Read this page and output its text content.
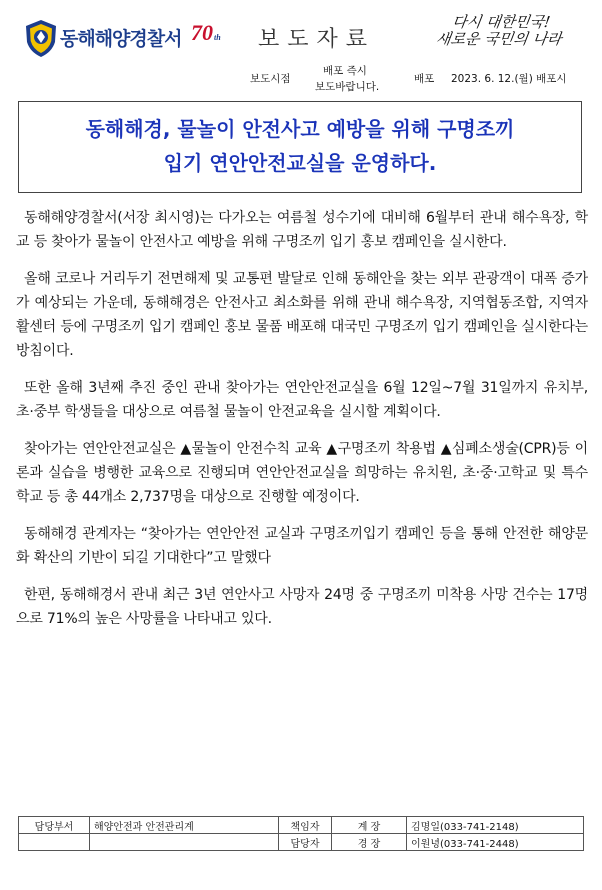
동해해양경찰서 70th 보도자료
다시 대한민국!
새로운 국민의 나라
보도시점
배포 즉시
보도바랍니다.
배포 2023. 6. 12.(월) 배포시
동해해경, 물놀이 안전사고 예방을 위해 구명조끼
입기 연안안전교실을 운영하다.

동해해양경찰서(서장 최시영)는 다가오는 여름철 성수기에 대비해 6월부터 관내 해수욕장, 학교 등 찾아가 물놀이 안전사고 예방을 위해 구명조끼 입기 홍보 캠페인을 실시한다.

올해 코로나 거리두기 전면해제 및 교통편 발달로 인해 동해안을 찾는 외부 관광객이 대폭 증가가 예상되는 가운데, 동해해경은 안전사고 최소화를 위해 관내 해수욕장, 지역협동조합, 지역자활센터 등에 구명조끼 입기 캠페인 홍보 물품 배포해 대국민 구명조끼 입기 캠페인을 실시한다는 방침이다.

또한 올해 3년째 추진 중인 관내 찾아가는 연안안전교실을 6월 12일~7월 31일까지 유치부, 초·중부 학생들을 대상으로 여름철 물놀이 안전교육을 실시할 계획이다.

찾아가는 연안안전교실은 ▲물놀이 안전수칙 교육 ▲구명조끼 착용법 ▲심폐소생술(CPR)등 이론과 실습을 병행한 교육으로 진행되며 연안안전교실을 희망하는 유치원, 초·중·고학교 및 특수학교 등 총 44개소 2,737명을 대상으로 진행할 예정이다.

동해해경 관계자는 “찾아가는 연안안전 교실과 구명조끼입기 캠페인 등을 통해 안전한 해양문화 확산의 기반이 되길 기대한다”고 말했다

한편, 동해해경서 관내 최근 3년 연안사고 사망자 24명 중 구명조끼 미착용 사망 건수는 17명으로 71%의 높은 사망률을 나타내고 있다.

담당부서	해양안전과 안전관리계	책임자	계 장	김명일(033-741-2148)
		담당자	경 장	이원녕(033-741-2448)
